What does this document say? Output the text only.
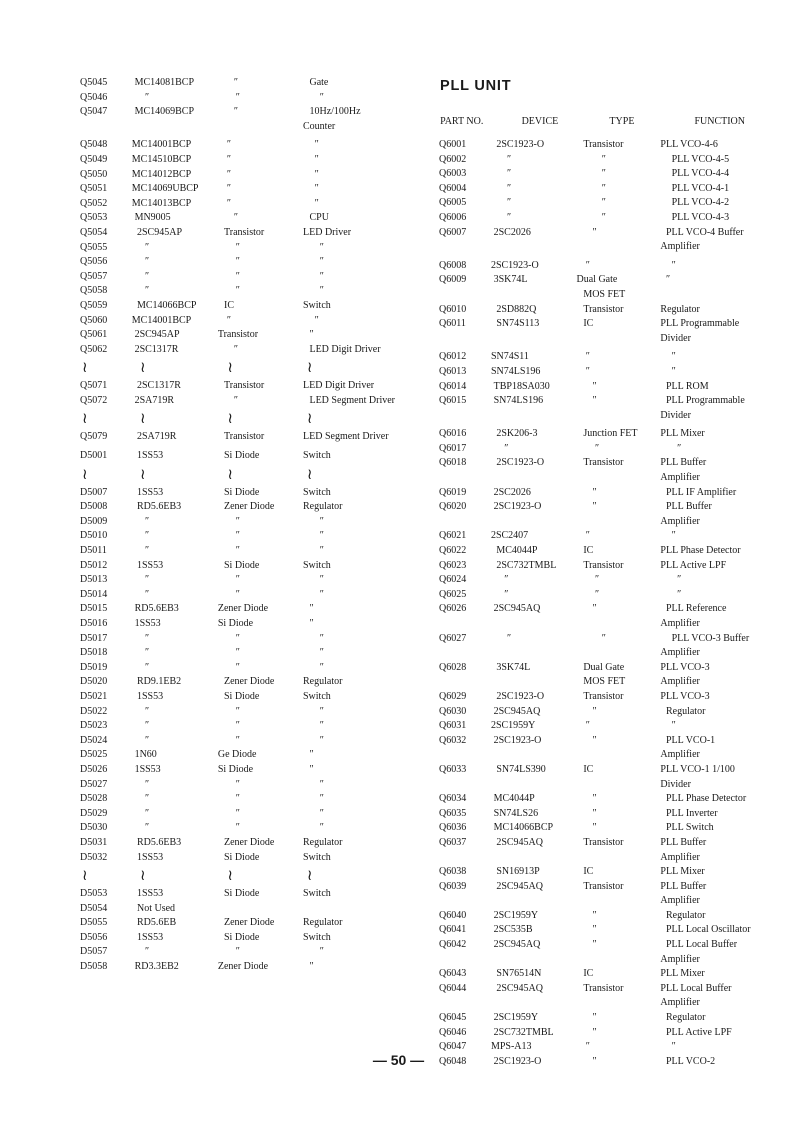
Q5045	MC14081BCP	″	Gate
Q5046	″	″	″
Q5047	MC14069BCP	″	10Hz/100Hz
Counter
Q5048	MC14001BCP	″	″
Q5049	MC14510BCP	″	″
Q5050	MC14012BCP	″	″
Q5051	MC14069UBCP	″	″
Q5052	MC14013BCP	″	″
Q5053	MN9005	″	CPU
Q5054	2SC945AP	Transistor	LED Driver
Q5055	″	″	″
Q5056	″	″	″
Q5057	″	″	″
Q5058	″	″	″
Q5059	MC14066BCP	IC	Switch
Q5060	MC14001BCP	″	″
Q5061	2SC945AP	Transistor	″
Q5062	2SC1317R	″	LED Digit Driver
≀	≀	≀	≀
Q5071	2SC1317R	Transistor	LED Digit Driver
Q5072	2SA719R	″	LED Segment Driver
≀	≀	≀	≀
Q5079	2SA719R	Transistor	LED Segment Driver
D5001	1SS53	Si Diode	Switch
≀	≀	≀	≀
D5007	1SS53	Si Diode	Switch
D5008	RD5.6EB3	Zener Diode	Regulator
D5009	″	″	″
D5010	″	″	″
D5011	″	″	″
D5012	1SS53	Si Diode	Switch
D5013	″	″	″
D5014	″	″	″
D5015	RD5.6EB3	Zener Diode	″
D5016	1SS53	Si Diode	″
D5017	″	″	″
D5018	″	″	″
D5019	″	″	″
D5020	RD9.1EB2	Zener Diode	Regulator
D5021	1SS53	Si Diode	Switch
D5022	″	″	″
D5023	″	″	″
D5024	″	″	″
D5025	1N60	Ge Diode	″
D5026	1SS53	Si Diode	″
D5027	″	″	″
D5028	″	″	″
D5029	″	″	″
D5030	″	″	″
D5031	RD5.6EB3	Zener Diode	Regulator
D5032	1SS53	Si Diode	Switch
≀	≀	≀	≀
D5053	1SS53	Si Diode	Switch
D5054	Not Used
D5055	RD5.6EB	Zener Diode	Regulator
D5056	1SS53	Si Diode	Switch
D5057	″	″	″
D5058	RD3.3EB2	Zener Diode	″
PLL UNIT
PART NO.	DEVICE	TYPE	FUNCTION
Q6001	2SC1923-O	Transistor	PLL VCO-4-6
Q6002	″	″	PLL VCO-4-5
Q6003	″	″	PLL VCO-4-4
Q6004	″	″	PLL VCO-4-1
Q6005	″	″	PLL VCO-4-2
Q6006	″	″	PLL VCO-4-3
Q6007	2SC2026	″	PLL VCO-4 Buffer
Amplifier
Q6008	2SC1923-O	″	″
Q6009	3SK74L	Dual Gate	″
MOS FET
Q6010	2SD882Q	Transistor	Regulator
Q6011	SN74S113	IC	PLL Programmable
Divider
Q6012	SN74S11	″	″
Q6013	SN74LS196	″	″
Q6014	TBP18SA030	″	PLL ROM
Q6015	SN74LS196	″	PLL Programmable
Divider
Q6016	2SK206-3	Junction FET	PLL Mixer
Q6017	″	″	″
Q6018	2SC1923-O	Transistor	PLL Buffer
Amplifier
Q6019	2SC2026	″	PLL IF Amplifier
Q6020	2SC1923-O	″	PLL Buffer
Amplifier
Q6021	2SC2407	″	″
Q6022	MC4044P	IC	PLL Phase Detector
Q6023	2SC732TMBL	Transistor	PLL Active LPF
Q6024	″	″	″
Q6025	″	″	″
Q6026	2SC945AQ	″	PLL Reference
Amplifier
Q6027	″	″	PLL VCO-3 Buffer
Amplifier
Q6028	3SK74L	Dual Gate	PLL VCO-3
MOS FET	Amplifier
Q6029	2SC1923-O	Transistor	PLL VCO-3
Q6030	2SC945AQ	″	Regulator
Q6031	2SC1959Y	″	″
Q6032	2SC1923-O	″	PLL VCO-1
Amplifier
Q6033	SN74LS390	IC	PLL VCO-1 1/100
Divider
Q6034	MC4044P	″	PLL Phase Detector
Q6035	SN74LS26	″	PLL Inverter
Q6036	MC14066BCP	″	PLL Switch
Q6037	2SC945AQ	Transistor	PLL Buffer
Amplifier
Q6038	SN16913P	IC	PLL Mixer
Q6039	2SC945AQ	Transistor	PLL Buffer
Amplifier
Q6040	2SC1959Y	″	Regulator
Q6041	2SC535B	″	PLL Local Oscillator
Q6042	2SC945AQ	″	PLL Local Buffer
Amplifier
Q6043	SN76514N	IC	PLL Mixer
Q6044	2SC945AQ	Transistor	PLL Local Buffer
Amplifier
Q6045	2SC1959Y	″	Regulator
Q6046	2SC732TMBL	″	PLL Active LPF
Q6047	MPS-A13	″	″
Q6048	2SC1923-O	″	PLL VCO-2
— 50 —
